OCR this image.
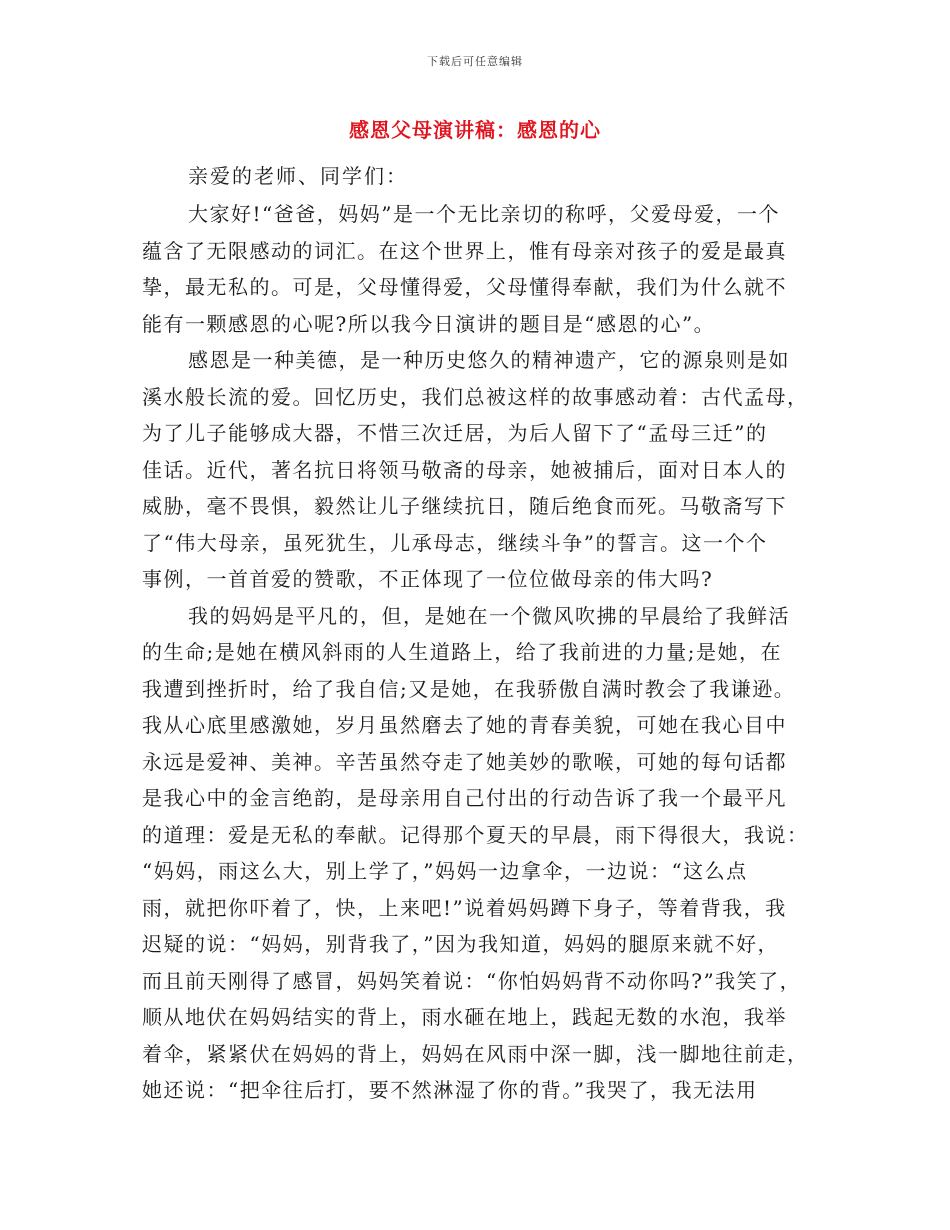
下载后可任意编辑
感恩父母演讲稿：感恩的心
亲爱的老师、同学们：
大家好!“爸爸，妈妈”是一个无比亲切的称呼，父爱母爱，一个
蕴含了无限感动的词汇。在这个世界上，惟有母亲对孩子的爱是最真
挚，最无私的。可是，父母懂得爱，父母懂得奉献，我们为什么就不
能有一颗感恩的心呢?所以我今日演讲的题目是“感恩的心”。
感恩是一种美德，是一种历史悠久的精神遗产，它的源泉则是如
溪水般长流的爱。回忆历史，我们总被这样的故事感动着：古代孟母，
为了儿子能够成大器，不惜三次迁居，为后人留下了“孟母三迁”的
佳话。近代，著名抗日将领马敬斋的母亲，她被捕后，面对日本人的
威胁，毫不畏惧，毅然让儿子继续抗日，随后绝食而死。马敬斋写下
了“伟大母亲，虽死犹生，儿承母志，继续斗争”的誓言。这一个个
事例，一首首爱的赞歌，不正体现了一位位做母亲的伟大吗?
我的妈妈是平凡的，但，是她在一个微风吹拂的早晨给了我鲜活
的生命;是她在横风斜雨的人生道路上，给了我前进的力量;是她，在
我遭到挫折时，给了我自信;又是她，在我骄傲自满时教会了我谦逊。
我从心底里感激她，岁月虽然磨去了她的青春美貌，可她在我心目中
永远是爱神、美神。辛苦虽然夺走了她美妙的歌喉，可她的每句话都
是我心中的金言绝韵，是母亲用自己付出的行动告诉了我一个最平凡
的道理：爱是无私的奉献。记得那个夏天的早晨，雨下得很大，我说：
“妈妈，雨这么大，别上学了，”妈妈一边拿伞，一边说：“这么点
雨，就把你吓着了，快，上来吧!”说着妈妈蹲下身子，等着背我，我
迟疑的说：“妈妈，别背我了，”因为我知道，妈妈的腿原来就不好，
而且前天刚得了感冒，妈妈笑着说：“你怕妈妈背不动你吗?”我笑了，
顺从地伏在妈妈结实的背上，雨水砸在地上，践起无数的水泡，我举
着伞，紧紧伏在妈妈的背上，妈妈在风雨中深一脚，浅一脚地往前走，
她还说：“把伞往后打，要不然淋湿了你的背。”我哭了，我无法用
